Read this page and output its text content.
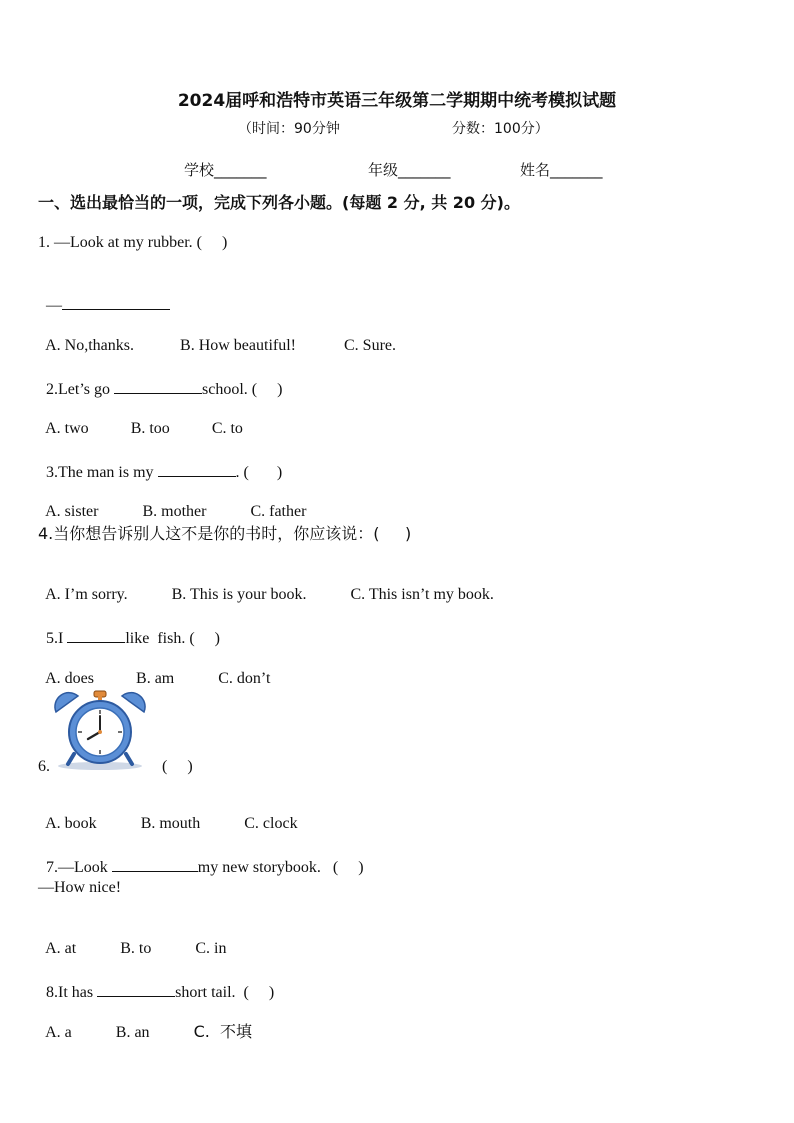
2024届呼和浩特市英语三年级第二学期期中统考模拟试题
（时间：90分钟	分数：100分）
学校_______	年级_______	姓名_______
一、选出最恰当的一项，完成下列各小题。(每题 2 分, 共 20 分)。
1. —Look at my rubber. (     )

—

A. No,thanks.	B. How beautiful!	C. Sure.

2.Let’s go	school. (     )

A. two	B. too	C. to

3.The man is my	. (       )

A. sister	B. mother	C. father

4.当你想告诉别人这不是你的书时，你应该说：(     )

A. I’m sorry.	B. This is your book.	C. This isn’t my book.

5.I	like  fish. (     )

A. does	B. am	C. don’t

6.	(     )

A. book	B. mouth	C. clock

7.—Look	my new storybook.   (     )

—How nice!

A. at	B. to	C. in

8.It has	short tail.  (     )

A. a	B. an	C.  不填
